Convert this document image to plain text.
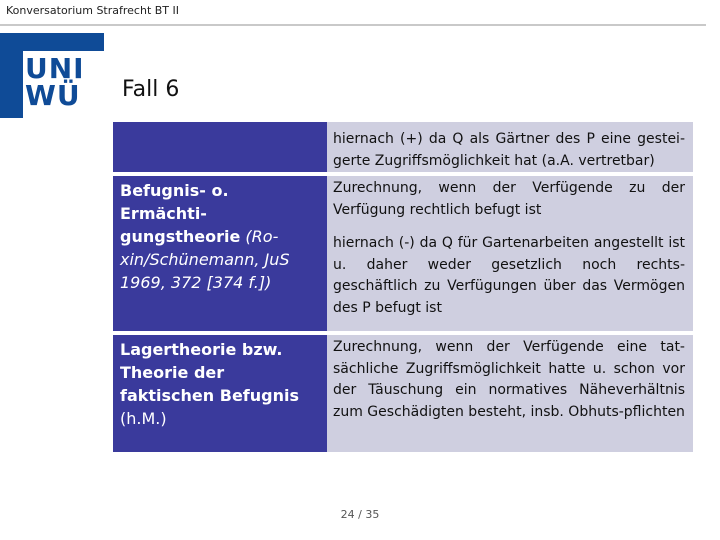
Konversatorium Strafrecht BT II
UNI
WÜ Fall 6

hiernach (+) da Q als Gärtner des P eine gestei-gerte Zugriffsmöglichkeit hat (a.A. vertretbar)

Befugnis- o. Ermächti-gungstheorie (Ro-xin/Schünemann, JuS 1969, 372 [374 f.])

Zurechnung, wenn der Verfügende zu der Verfügung rechtlich befugt ist

hiernach (-) da Q für Gartenarbeiten angestellt ist u. daher weder gesetzlich noch rechts-geschäftlich zu Verfügungen über das Vermögen des P befugt ist

Lagertheorie bzw. Theorie der faktischen Befugnis (h.M.)

Zurechnung, wenn der Verfügende eine tat-sächliche Zugriffsmöglichkeit hatte u. schon vor der Täuschung ein normatives Näheverhältnis zum Geschädigten besteht, insb. Obhuts-pflichten

24 / 35
